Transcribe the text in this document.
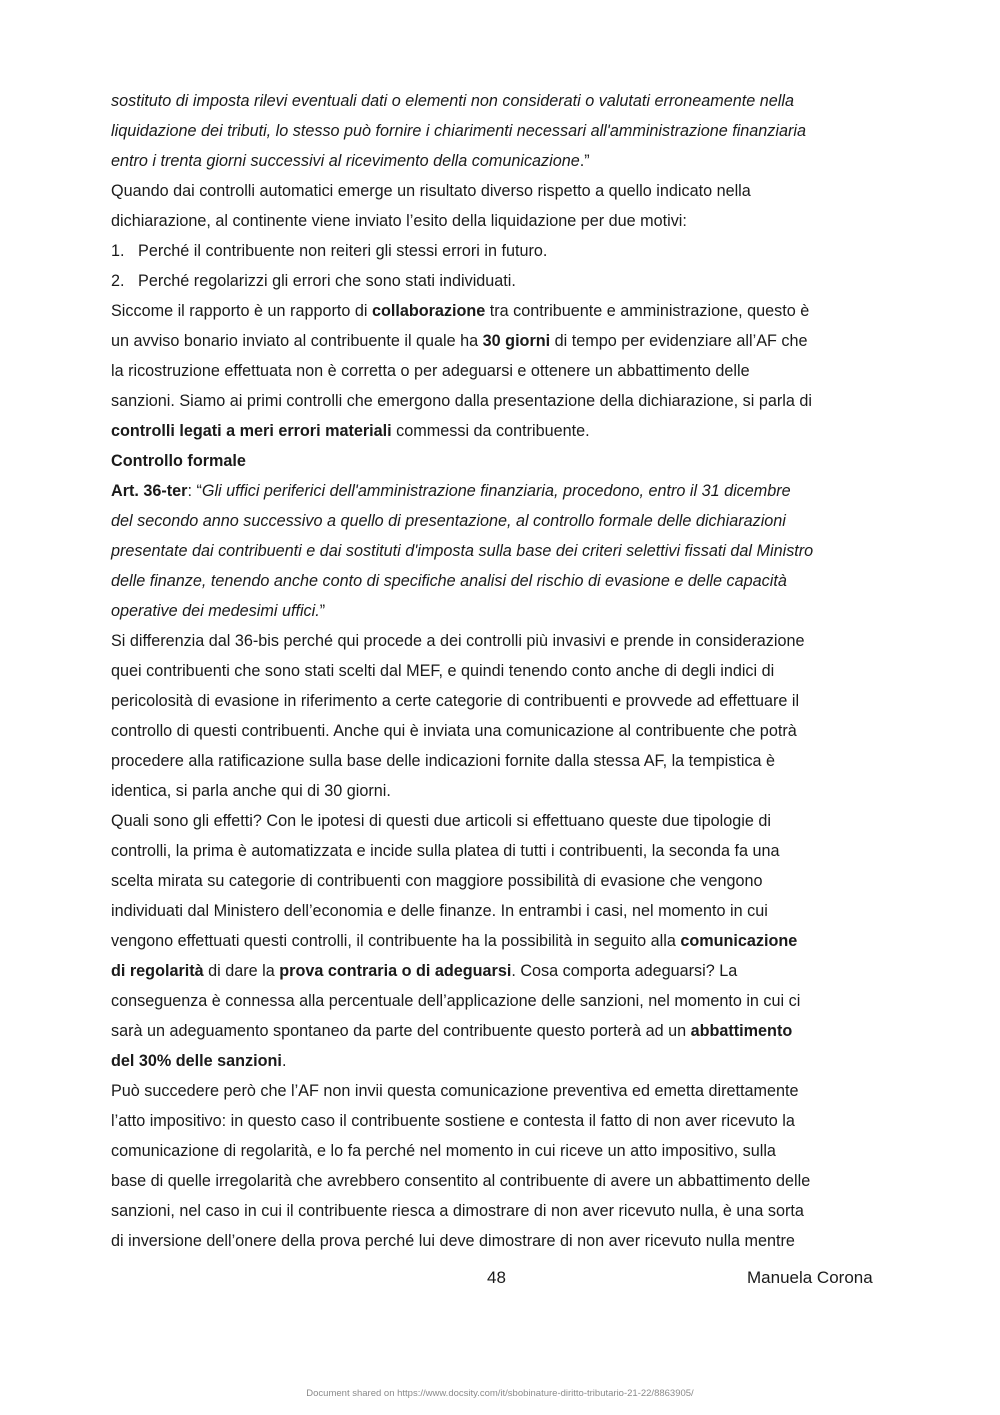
sostituto di imposta rilevi eventuali dati o elementi non considerati o valutati erroneamente nella
liquidazione dei tributi, lo stesso può fornire i chiarimenti necessari all'amministrazione finanziaria
entro i trenta giorni successivi al ricevimento della comunicazione.”
Quando dai controlli automatici emerge un risultato diverso rispetto a quello indicato nella
dichiarazione, al continente viene inviato l’esito della liquidazione per due motivi:
1. Perché il contribuente non reiteri gli stessi errori in futuro.
2. Perché regolarizzi gli errori che sono stati individuati.
Siccome il rapporto è un rapporto di collaborazione tra contribuente e amministrazione, questo è
un avviso bonario inviato al contribuente il quale ha 30 giorni di tempo per evidenziare all’AF che
la ricostruzione effettuata non è corretta o per adeguarsi e ottenere un abbattimento delle
sanzioni. Siamo ai primi controlli che emergono dalla presentazione della dichiarazione, si parla di
controlli legati a meri errori materiali commessi da contribuente.
Controllo formale
Art. 36-ter: “Gli uffici periferici dell'amministrazione finanziaria, procedono, entro il 31 dicembre
del secondo anno successivo a quello di presentazione, al controllo formale delle dichiarazioni
presentate dai contribuenti e dai sostituti d'imposta sulla base dei criteri selettivi fissati dal Ministro
delle finanze, tenendo anche conto di specifiche analisi del rischio di evasione e delle capacità
operative dei medesimi uffici.”
Si differenzia dal 36-bis perché qui procede a dei controlli più invasivi e prende in considerazione
quei contribuenti che sono stati scelti dal MEF, e quindi tenendo conto anche di degli indici di
pericolosità di evasione in riferimento a certe categorie di contribuenti e provvede ad effettuare il
controllo di questi contribuenti. Anche qui è inviata una comunicazione al contribuente che potrà
procedere alla ratificazione sulla base delle indicazioni fornite dalla stessa AF, la tempistica è
identica, si parla anche qui di 30 giorni.
Quali sono gli effetti? Con le ipotesi di questi due articoli si effettuano queste due tipologie di
controlli, la prima è automatizzata e incide sulla platea di tutti i contribuenti, la seconda fa una
scelta mirata su categorie di contribuenti con maggiore possibilità di evasione che vengono
individuati dal Ministero dell’economia e delle finanze. In entrambi i casi, nel momento in cui
vengono effettuati questi controlli, il contribuente ha la possibilità in seguito alla comunicazione
di regolarità di dare la prova contraria o di adeguarsi. Cosa comporta adeguarsi? La
conseguenza è connessa alla percentuale dell’applicazione delle sanzioni, nel momento in cui ci
sarà un adeguamento spontaneo da parte del contribuente questo porterà ad un abbattimento
del 30% delle sanzioni.
Può succedere però che l’AF non invii questa comunicazione preventiva ed emetta direttamente
l’atto impositivo: in questo caso il contribuente sostiene e contesta il fatto di non aver ricevuto la
comunicazione di regolarità, e lo fa perché nel momento in cui riceve un atto impositivo, sulla
base di quelle irregolarità che avrebbero consentito al contribuente di avere un abbattimento delle
sanzioni, nel caso in cui il contribuente riesca a dimostrare di non aver ricevuto nulla, è una sorta
di inversione dell’onere della prova perché lui deve dimostrare di non aver ricevuto nulla mentre
48	Manuela Corona
Document shared on https://www.docsity.com/it/sbobinature-diritto-tributario-21-22/8863905/
